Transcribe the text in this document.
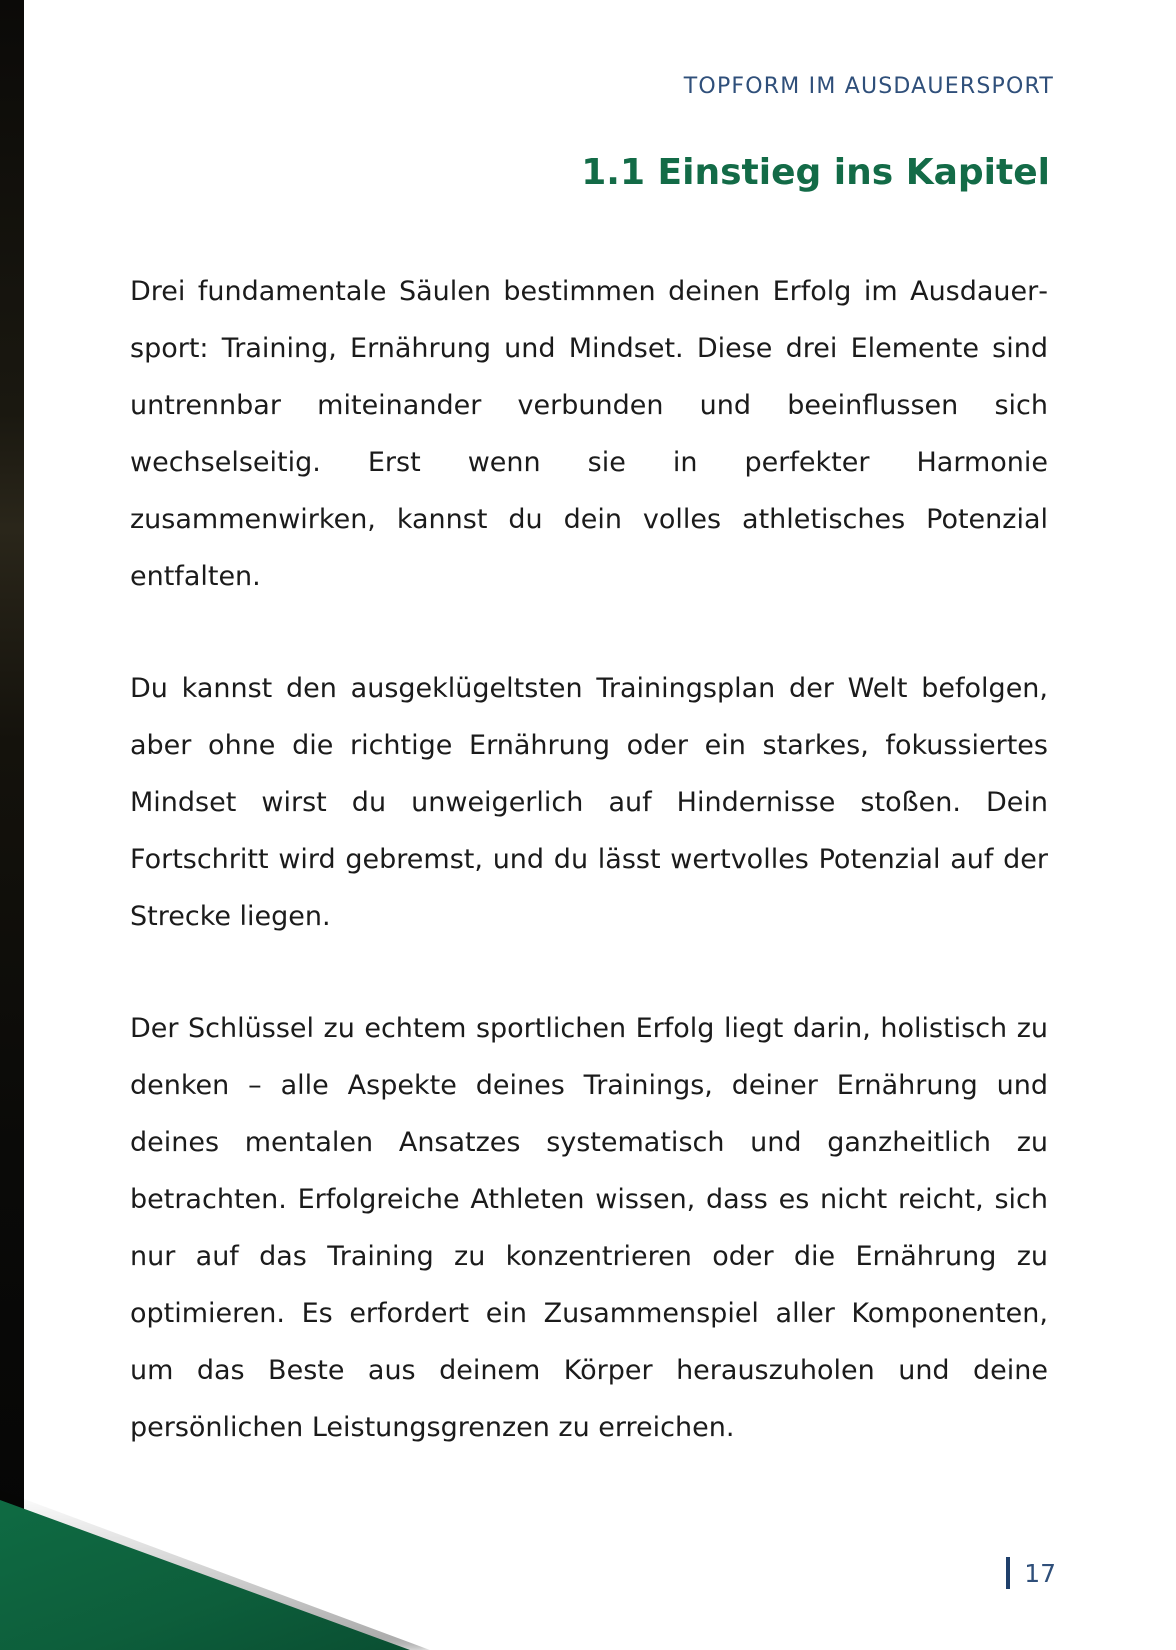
TOPFORM IM AUSDAUERSPORT
1.1 Einstieg ins Kapitel

Drei fundamentale Säulen bestimmen deinen Erfolg im Ausdauersport: Training, Ernährung und Mindset. Diese drei Elemente sind untrennbar miteinander verbunden und beeinflussen sich wechselseitig. Erst wenn sie in perfekter Harmonie zusammenwirken, kannst du dein volles athletisches Potenzial entfalten.

Du kannst den ausgeklügeltsten Trainingsplan der Welt befolgen, aber ohne die richtige Ernährung oder ein starkes, fokussiertes Mindset wirst du unweigerlich auf Hindernisse stoßen. Dein Fortschritt wird gebremst, und du lässt wertvolles Potenzial auf der Strecke liegen.

Der Schlüssel zu echtem sportlichen Erfolg liegt darin, holistisch zu denken – alle Aspekte deines Trainings, deiner Ernährung und deines mentalen Ansatzes systematisch und ganzheitlich zu betrachten. Erfolgreiche Athleten wissen, dass es nicht reicht, sich nur auf das Training zu konzentrieren oder die Ernährung zu optimieren. Es erfordert ein Zusammenspiel aller Komponenten, um das Beste aus deinem Körper herauszuholen und deine persönlichen Leistungsgrenzen zu erreichen.

17
